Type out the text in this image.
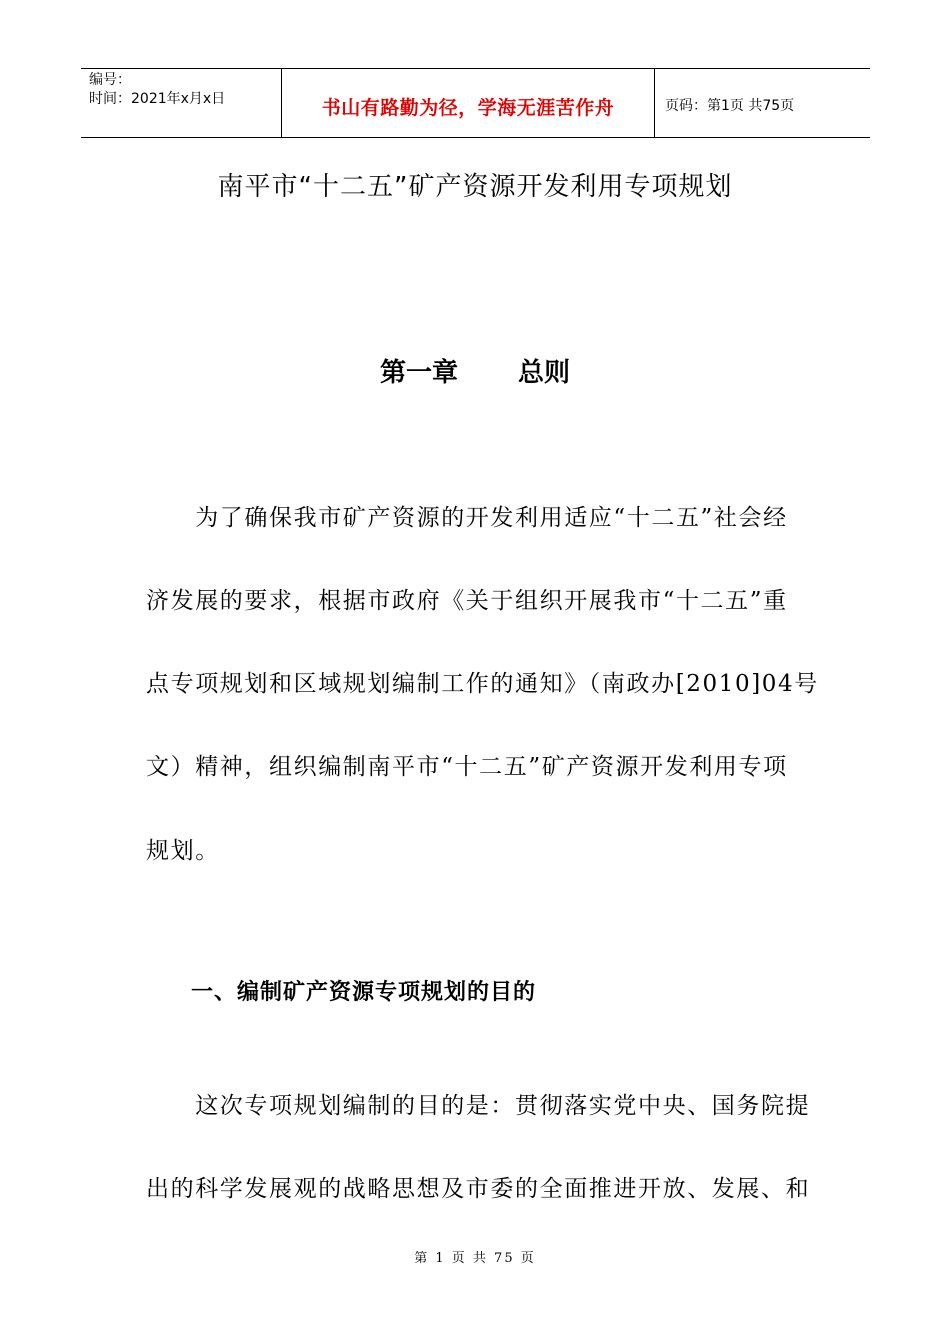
编号：
时间：2021年x月x日	书山有路勤为径，学海无涯苦作舟	页码：第1页 共75页
南平市“十二五”矿产资源开发利用专项规划
第一章 总则
　　为了确保我市矿产资源的开发利用适应“十二五”社会经
济发展的要求，根据市政府《关于组织开展我市“十二五”重
点专项规划和区域规划编制工作的通知》（南政办[2010]04号
文）精神，组织编制南平市“十二五”矿产资源开发利用专项
规划。
一、编制矿产资源专项规划的目的
　　这次专项规划编制的目的是：贯彻落实党中央、国务院提
出的科学发展观的战略思想及市委的全面推进开放、发展、和
第 1 页 共 75 页
